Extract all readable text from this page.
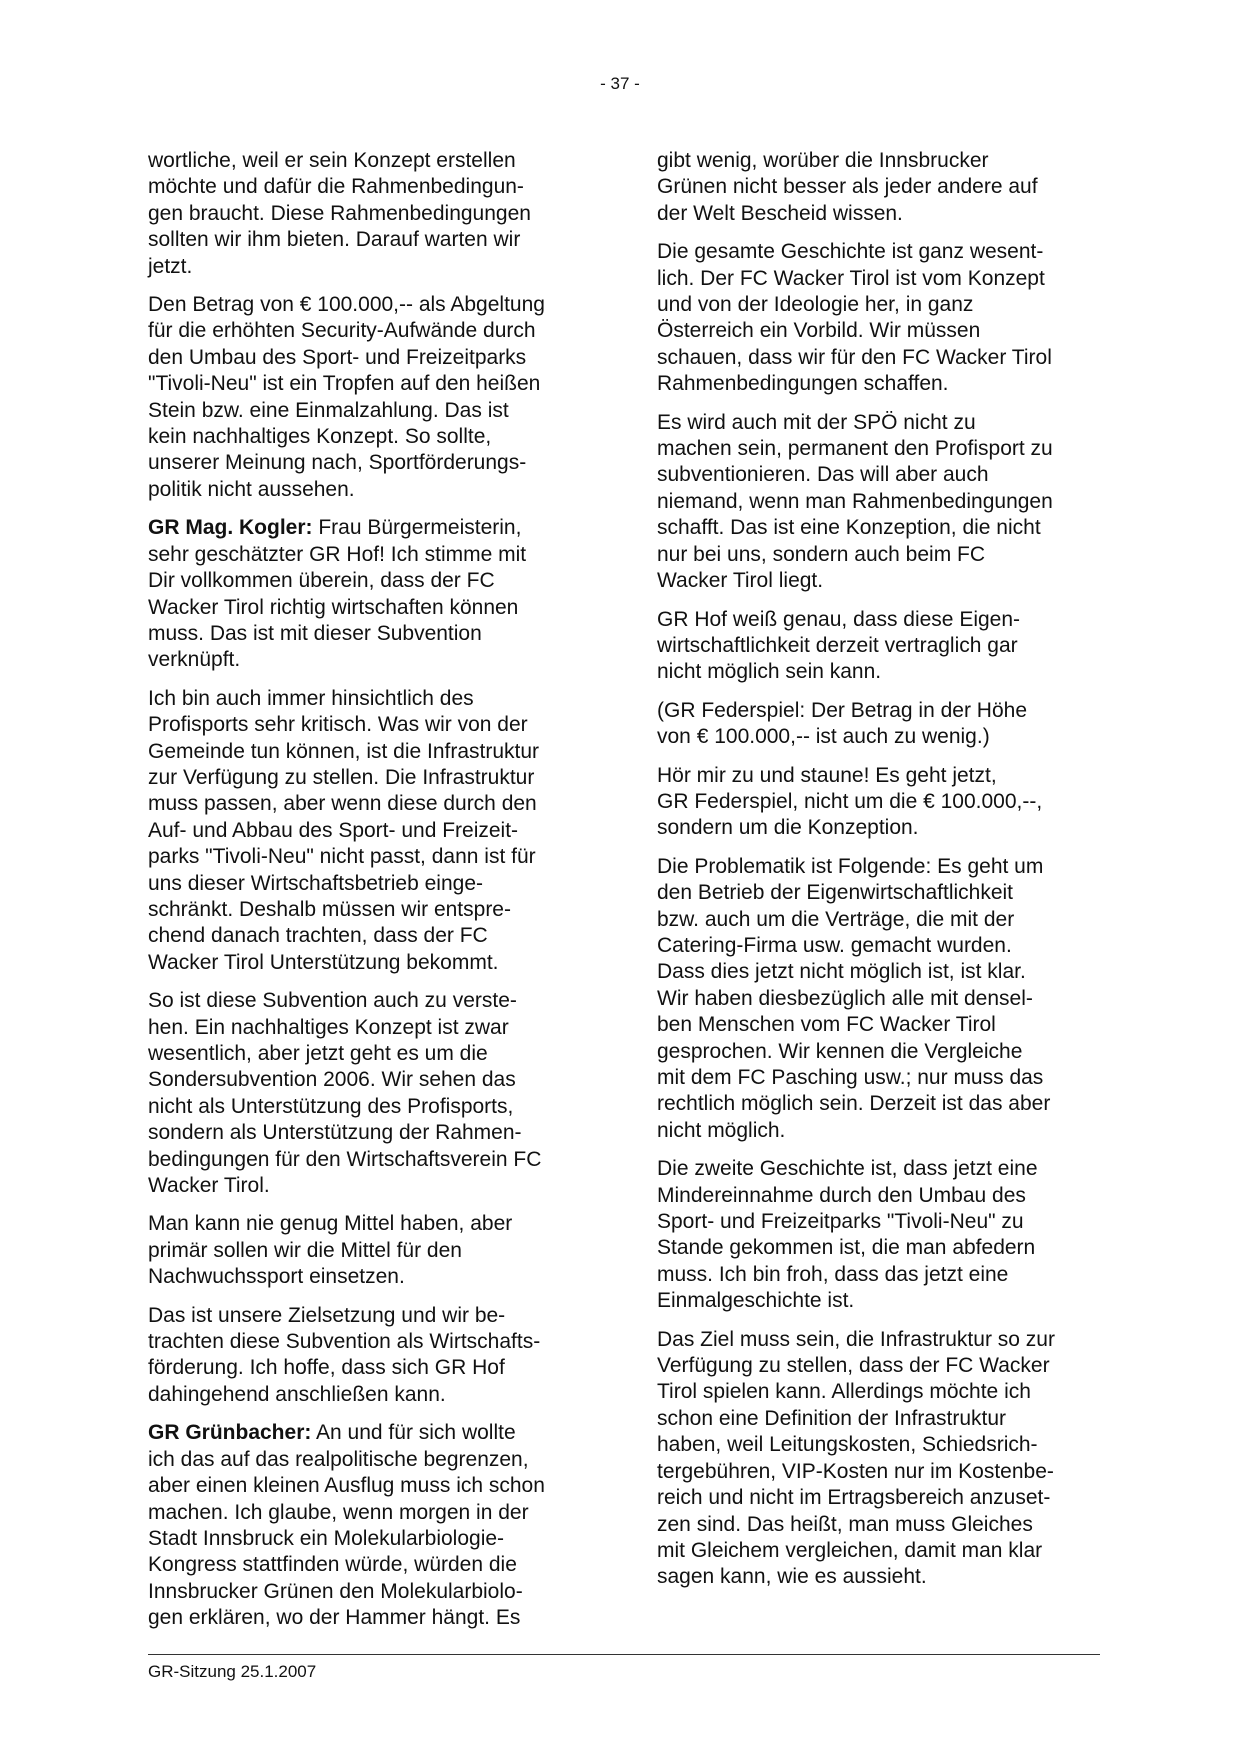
- 37 -

wortliche, weil er sein Konzept erstellen
möchte und dafür die Rahmenbedingun-
gen braucht. Diese Rahmenbedingungen
sollten wir ihm bieten. Darauf warten wir
jetzt.

Den Betrag von € 100.000,-- als Abgeltung
für die erhöhten Security-Aufwände durch
den Umbau des Sport- und Freizeitparks
"Tivoli-Neu" ist ein Tropfen auf den heißen
Stein bzw. eine Einmalzahlung. Das ist
kein nachhaltiges Konzept. So sollte,
unserer Meinung nach, Sportförderungs-
politik nicht aussehen.

GR Mag. Kogler: Frau Bürgermeisterin,
sehr geschätzter GR Hof! Ich stimme mit
Dir vollkommen überein, dass der FC
Wacker Tirol richtig wirtschaften können
muss. Das ist mit dieser Subvention
verknüpft.

Ich bin auch immer hinsichtlich des
Profisports sehr kritisch. Was wir von der
Gemeinde tun können, ist die Infrastruktur
zur Verfügung zu stellen. Die Infrastruktur
muss passen, aber wenn diese durch den
Auf- und Abbau des Sport- und Freizeit-
parks "Tivoli-Neu" nicht passt, dann ist für
uns dieser Wirtschaftsbetrieb einge-
schränkt. Deshalb müssen wir entspre-
chend danach trachten, dass der FC
Wacker Tirol Unterstützung bekommt.

So ist diese Subvention auch zu verste-
hen. Ein nachhaltiges Konzept ist zwar
wesentlich, aber jetzt geht es um die
Sondersubvention 2006. Wir sehen das
nicht als Unterstützung des Profisports,
sondern als Unterstützung der Rahmen-
bedingungen für den Wirtschaftsverein FC
Wacker Tirol.

Man kann nie genug Mittel haben, aber
primär sollen wir die Mittel für den
Nachwuchssport einsetzen.

Das ist unsere Zielsetzung und wir be-
trachten diese Subvention als Wirtschafts-
förderung. Ich hoffe, dass sich GR Hof
dahingehend anschließen kann.

GR Grünbacher: An und für sich wollte
ich das auf das realpolitische begrenzen,
aber einen kleinen Ausflug muss ich schon
machen. Ich glaube, wenn morgen in der
Stadt Innsbruck ein Molekularbiologie-
Kongress stattfinden würde, würden die
Innsbrucker Grünen den Molekularbiolo-
gen erklären, wo der Hammer hängt. Es

gibt wenig, worüber die Innsbrucker
Grünen nicht besser als jeder andere auf
der Welt Bescheid wissen.

Die gesamte Geschichte ist ganz wesent-
lich. Der FC Wacker Tirol ist vom Konzept
und von der Ideologie her, in ganz
Österreich ein Vorbild. Wir müssen
schauen, dass wir für den FC Wacker Tirol
Rahmenbedingungen schaffen.

Es wird auch mit der SPÖ nicht zu
machen sein, permanent den Profisport zu
subventionieren. Das will aber auch
niemand, wenn man Rahmenbedingungen
schafft. Das ist eine Konzeption, die nicht
nur bei uns, sondern auch beim FC
Wacker Tirol liegt.

GR Hof weiß genau, dass diese Eigen-
wirtschaftlichkeit derzeit vertraglich gar
nicht möglich sein kann.

(GR Federspiel: Der Betrag in der Höhe
von € 100.000,-- ist auch zu wenig.)

Hör mir zu und staune! Es geht jetzt,
GR Federspiel, nicht um die € 100.000,--,
sondern um die Konzeption.

Die Problematik ist Folgende: Es geht um
den Betrieb der Eigenwirtschaftlichkeit
bzw. auch um die Verträge, die mit der
Catering-Firma usw. gemacht wurden.
Dass dies jetzt nicht möglich ist, ist klar.
Wir haben diesbezüglich alle mit densel-
ben Menschen vom FC Wacker Tirol
gesprochen. Wir kennen die Vergleiche
mit dem FC Pasching usw.; nur muss das
rechtlich möglich sein. Derzeit ist das aber
nicht möglich.

Die zweite Geschichte ist, dass jetzt eine
Mindereinnahme durch den Umbau des
Sport- und Freizeitparks "Tivoli-Neu" zu
Stande gekommen ist, die man abfedern
muss. Ich bin froh, dass das jetzt eine
Einmalgeschichte ist.

Das Ziel muss sein, die Infrastruktur so zur
Verfügung zu stellen, dass der FC Wacker
Tirol spielen kann. Allerdings möchte ich
schon eine Definition der Infrastruktur
haben, weil Leitungskosten, Schiedsrich-
tergebühren, VIP-Kosten nur im Kostenbe-
reich und nicht im Ertragsbereich anzuset-
zen sind. Das heißt, man muss Gleiches
mit Gleichem vergleichen, damit man klar
sagen kann, wie es aussieht.

GR-Sitzung 25.1.2007
